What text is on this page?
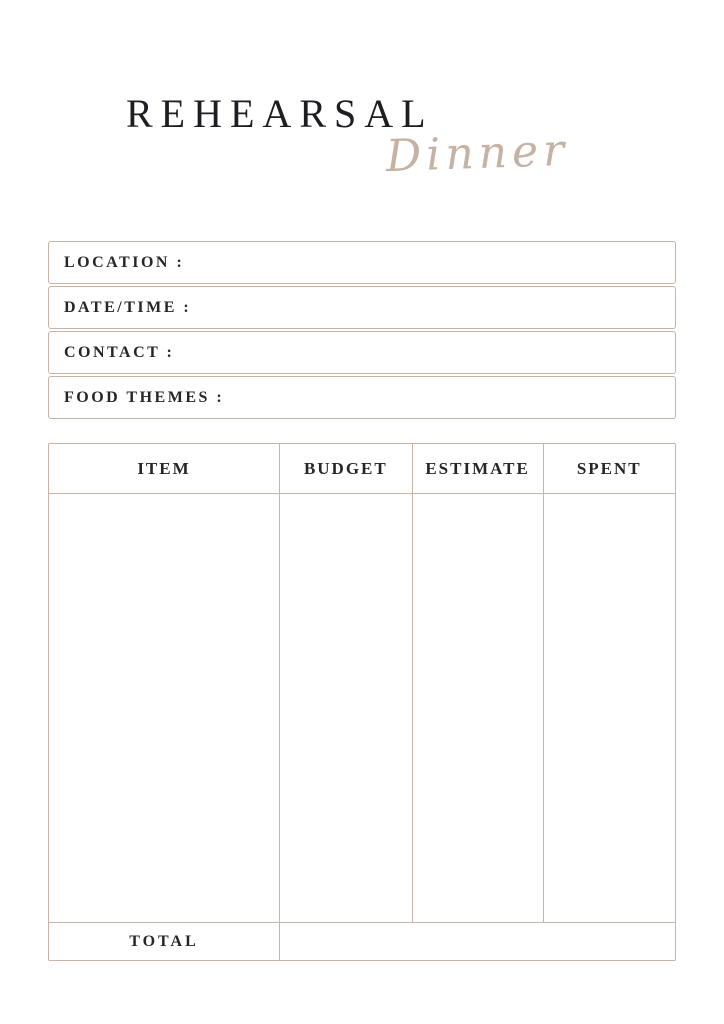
REHEARSAL
Dinner
LOCATION :
DATE/TIME :
CONTACT :
FOOD THEMES :
ITEM	BUDGET	ESTIMATE	SPENT
TOTAL
